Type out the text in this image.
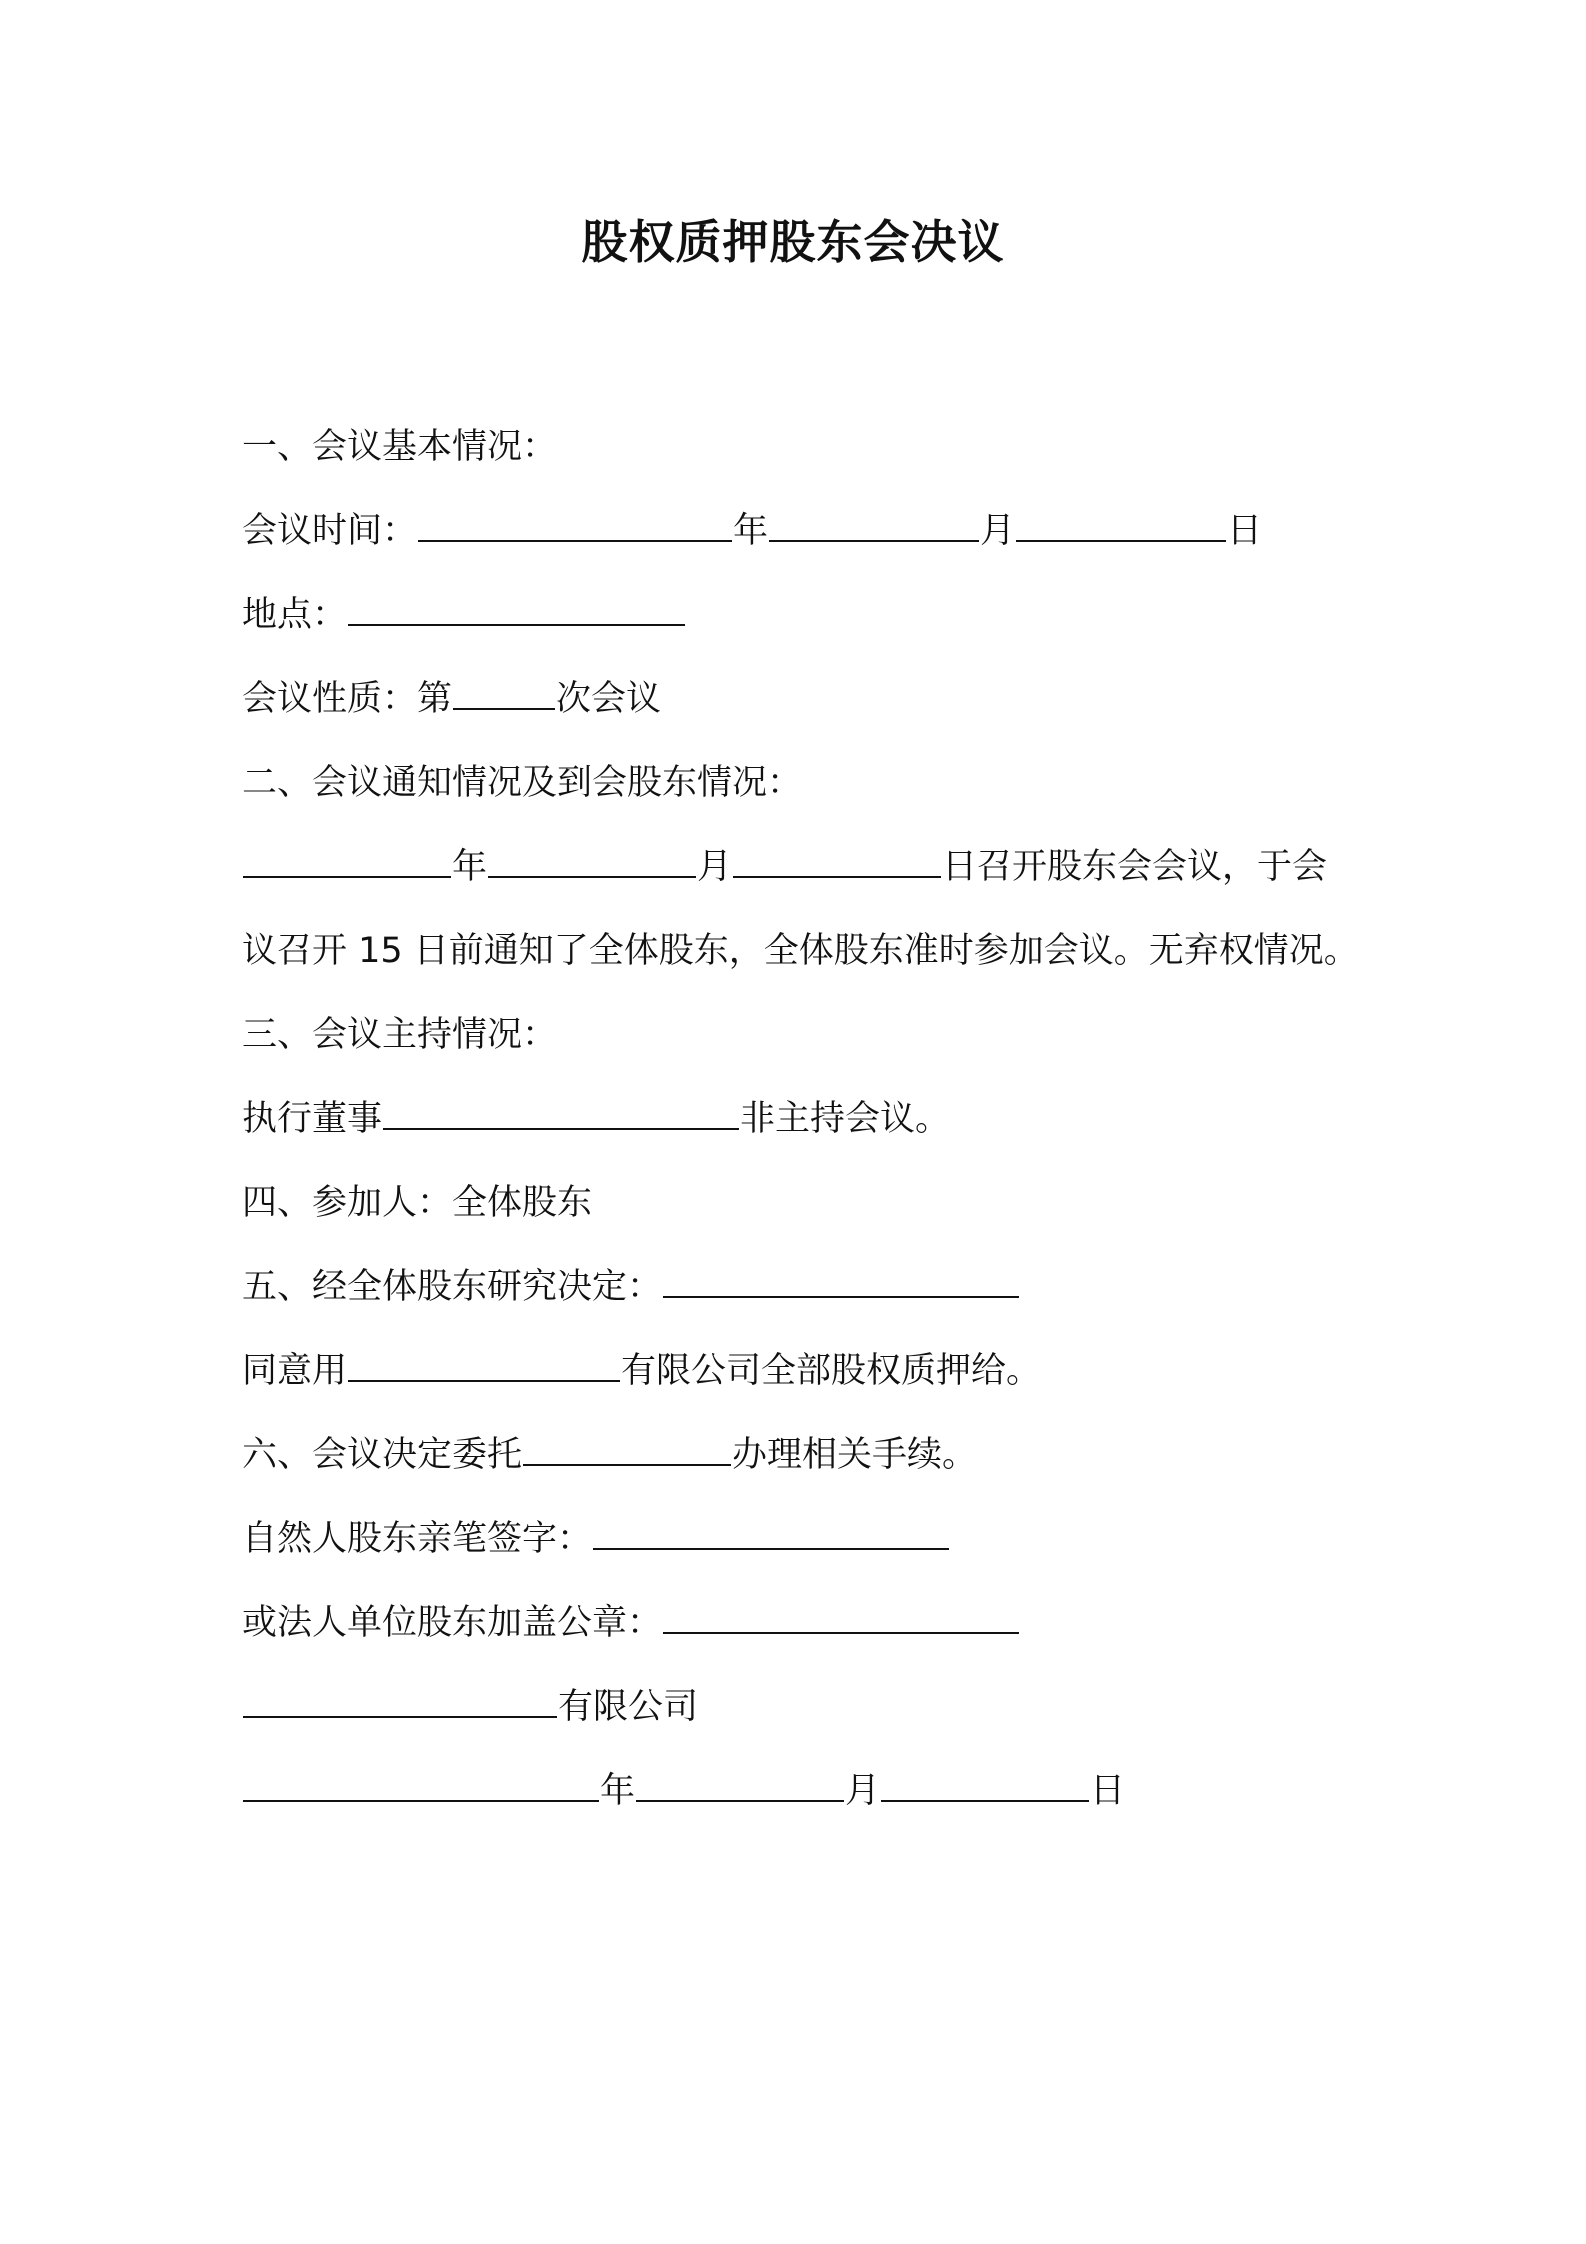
股权质押股东会决议
一、会议基本情况：
会议时间：	年	月	日
地点：
会议性质：第	次会议
二、会议通知情况及到会股东情况：
年	月	日召开股东会会议，于会议召开 15 日前通知了全体股东，全体股东准时参加会议。无弃权情况。
三、会议主持情况：
执行董事	非主持会议。
四、参加人：全体股东
五、经全体股东研究决定：
同意用	有限公司全部股权质押给。
六、会议决定委托	办理相关手续。
自然人股东亲笔签字：
或法人单位股东加盖公章：
有限公司
年	月	日
